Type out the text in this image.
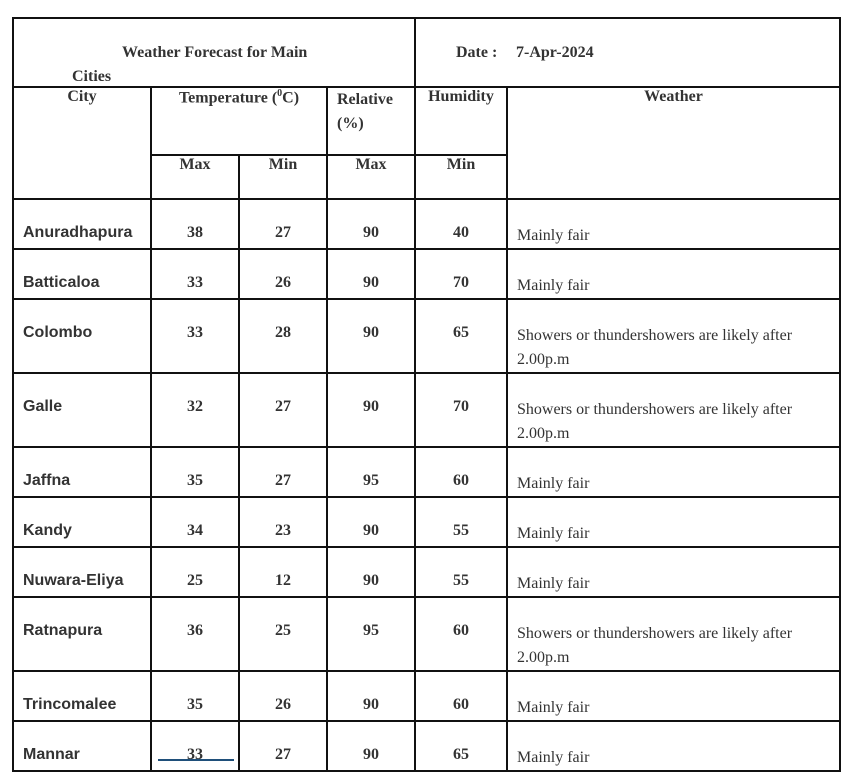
Weather Forecast for Main
Cities				Date : 7-Apr-2024	

City	Temperature ($^0$C)		Relative (%)	Humidity	Weather
	Max	Min	Max	Min	
Anuradhapura	38	27	90	40	Mainly fair
Batticaloa	33	26	90	70	Mainly fair
Colombo	33	28	90	65	Showers or thundershowers are likely after 2.00p.m
Galle	32	27	90	70	Showers or thundershowers are likely after 2.00p.m
Jaffna	35	27	95	60	Mainly fair
Kandy	34	23	90	55	Mainly fair
Nuwara-Eliya	25	12	90	55	Mainly fair
Ratnapura	36	25	95	60	Showers or thundershowers are likely after 2.00p.m
Trincomalee	35	26	90	60	Mainly fair
Mannar	33	27	90	65	Mainly fair
